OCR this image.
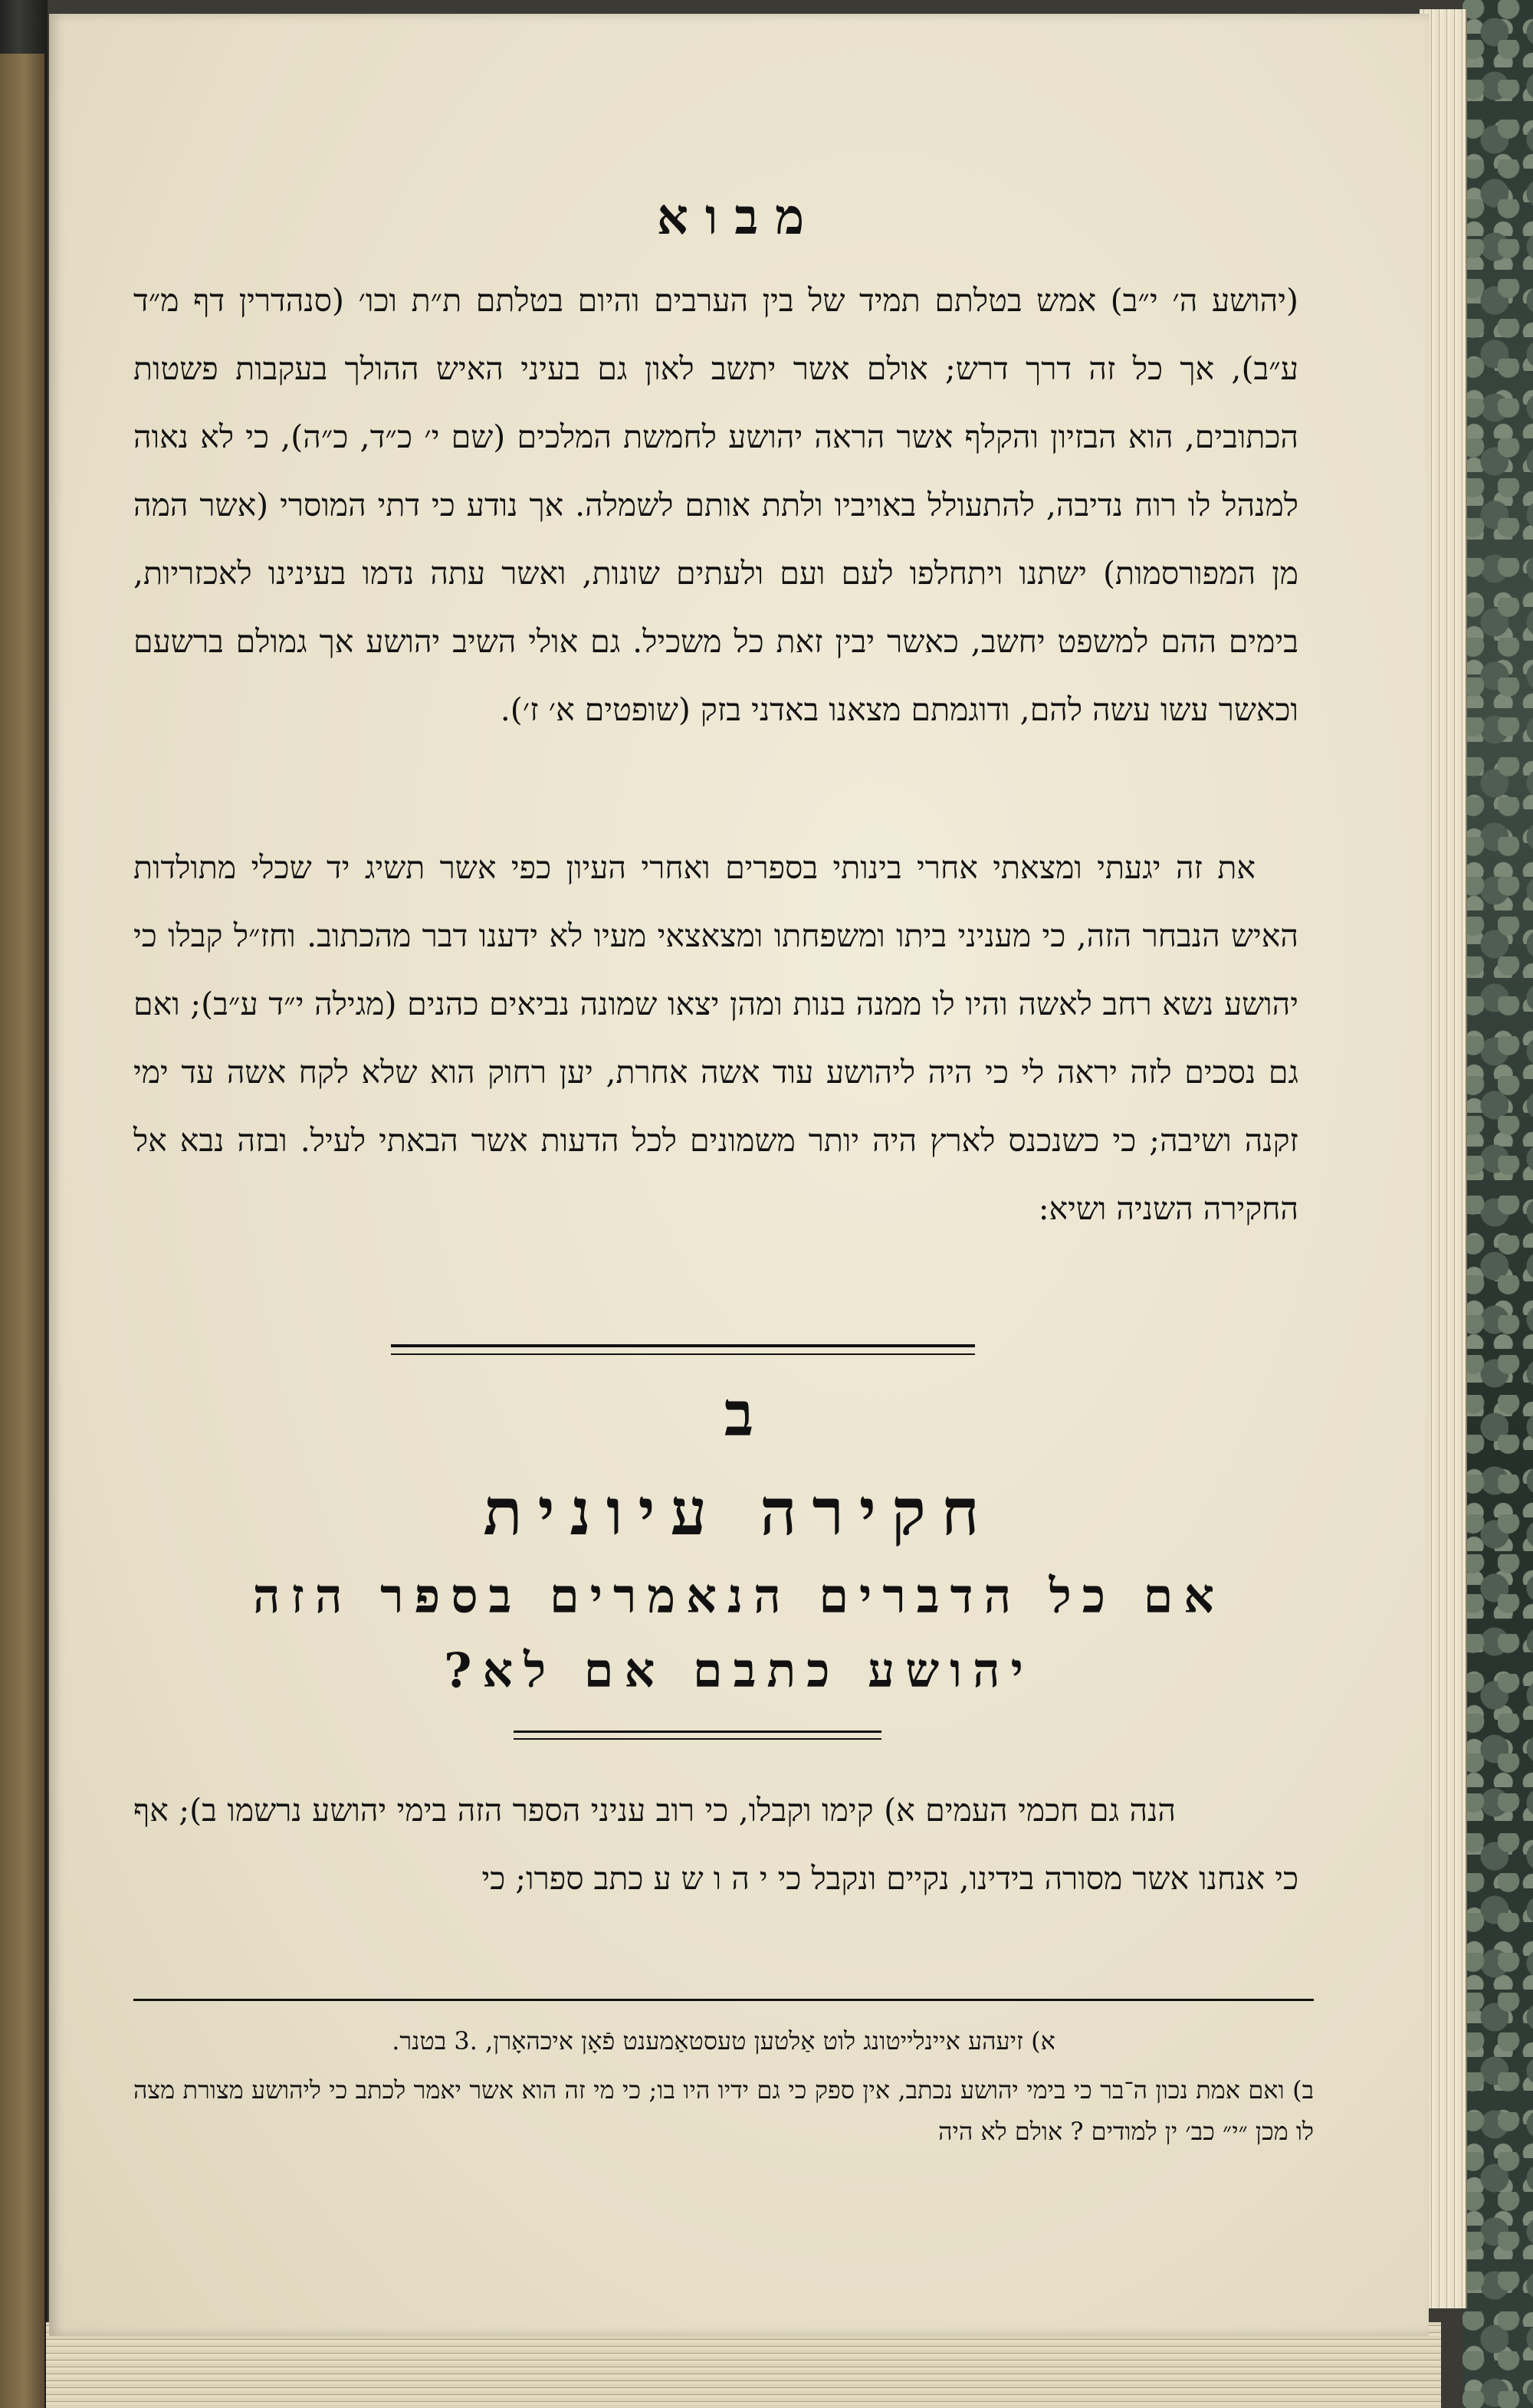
מבוא

(יהושע ה׳ י״ב) אמש בטלתם תמיד של בין הערבים והיום בטלתם ת״ת וכו׳ (סנהדרין דף מ״ד ע״ב), אך כל זה דרך דרש; אולם אשר יתשב לאון גם בעיני האיש ההולך בעקבות פשטות הכתובים, הוא הבזיון והקלף אשר הראה יהושע לחמשת המלכים (שם י׳ כ״ד, כ״ה), כי לא נאוה למנהל לו רוח נדיבה, להתעולל באויביו ולתת אותם לשמלה. אך נודע כי דתי המוסרי (אשר המה מן המפורסמות) ישתנו ויתחלפו לעם ועם ולעתים שונות, ואשר עתה נדמו בעינינו לאכזריות, בימים ההם למשפט יחשב, כאשר יבין זאת כל משכיל. גם אולי השיב יהושע אך גמולם ברשעם וכאשר עשו עשה להם, ודוגמתם מצאנו באדני בזק (שופטים א׳ ז׳).

את זה יגעתי ומצאתי אחרי בינותי בספרים ואחרי העיון כפי אשר תשיג יד שכלי מתולדות האיש הנבחר הזה, כי מעניני ביתו ומשפחתו ומצאצאי מעיו לא ידענו דבר מהכתוב. וחז״ל קבלו כי יהושע נשא רחב לאשה והיו לו ממנה בנות ומהן יצאו שמונה נביאים כהנים (מגילה י״ד ע״ב); ואם גם נסכים לזה יראה לי כי היה ליהושע עוד אשה אחרת, יען רחוק הוא שלא לקח אשה עד ימי זקנה ושיבה; כי כשנכנס לארץ היה יותר משמונים לכל הדעות אשר הבאתי לעיל. ובזה נבא אל החקירה השניה ושיא:

ב
חקירה עיונית
אם כל הדברים הנאמרים בספר הזה
יהושע כתבם אם לא?

הנה גם חכמי העמים א) קימו וקבלו, כי רוב עניני הספר הזה בימי יהושע נרשמו ב); אף כי אנחנו אשר מסורה בידינו, נקיים ונקבל כי י ה ו ש ע כתב ספרו; כי

א) זיעהע איינלייטונג לוט אַלטען טעסטאַמענט פֿאָן איכהאָרן, .3 בטנר.

ב) ואם אמת נכון ה־בר כי בימי יהושע נכתב, אין ספק כי גם ידיו היו בו; כי מי זה הוא אשר יאמר לכתב כי ליהושע מצורת מצה לו מכן ״י״ כב׳ ין למודים ? אולם לא היה
